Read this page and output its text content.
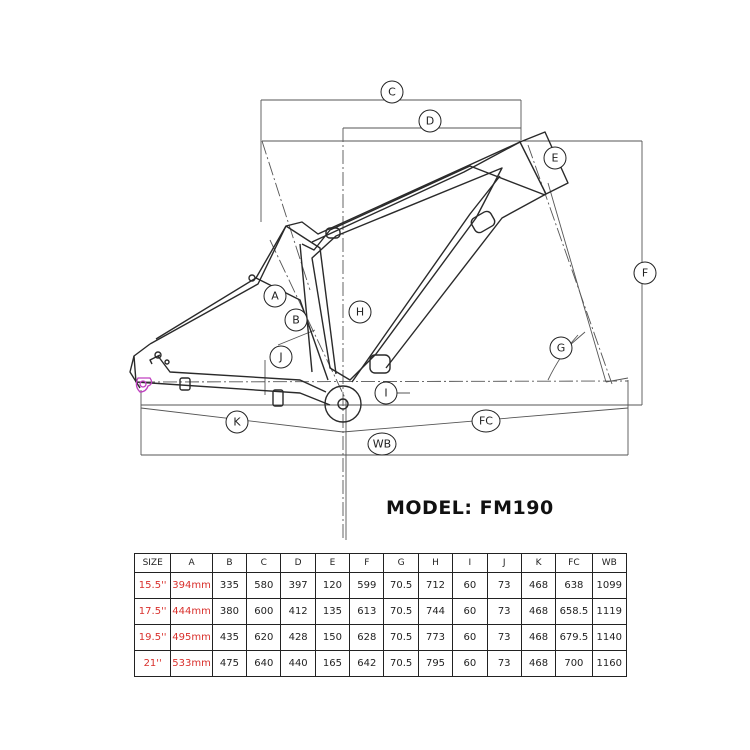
C
D
E
F
G
A
B
H
J
I
K	FC
WB
MODEL: FM190
SIZE	A	B	C	D	E	F	G	H	I	J	K	FC	WB
15.5''	394mm	335	580	397	120	599	70.5	712	60	73	468	638	1099
17.5''	444mm	380	600	412	135	613	70.5	744	60	73	468	658.5	1119
19.5''	495mm	435	620	428	150	628	70.5	773	60	73	468	679.5	1140
21''	533mm	475	640	440	165	642	70.5	795	60	73	468	700	1160
